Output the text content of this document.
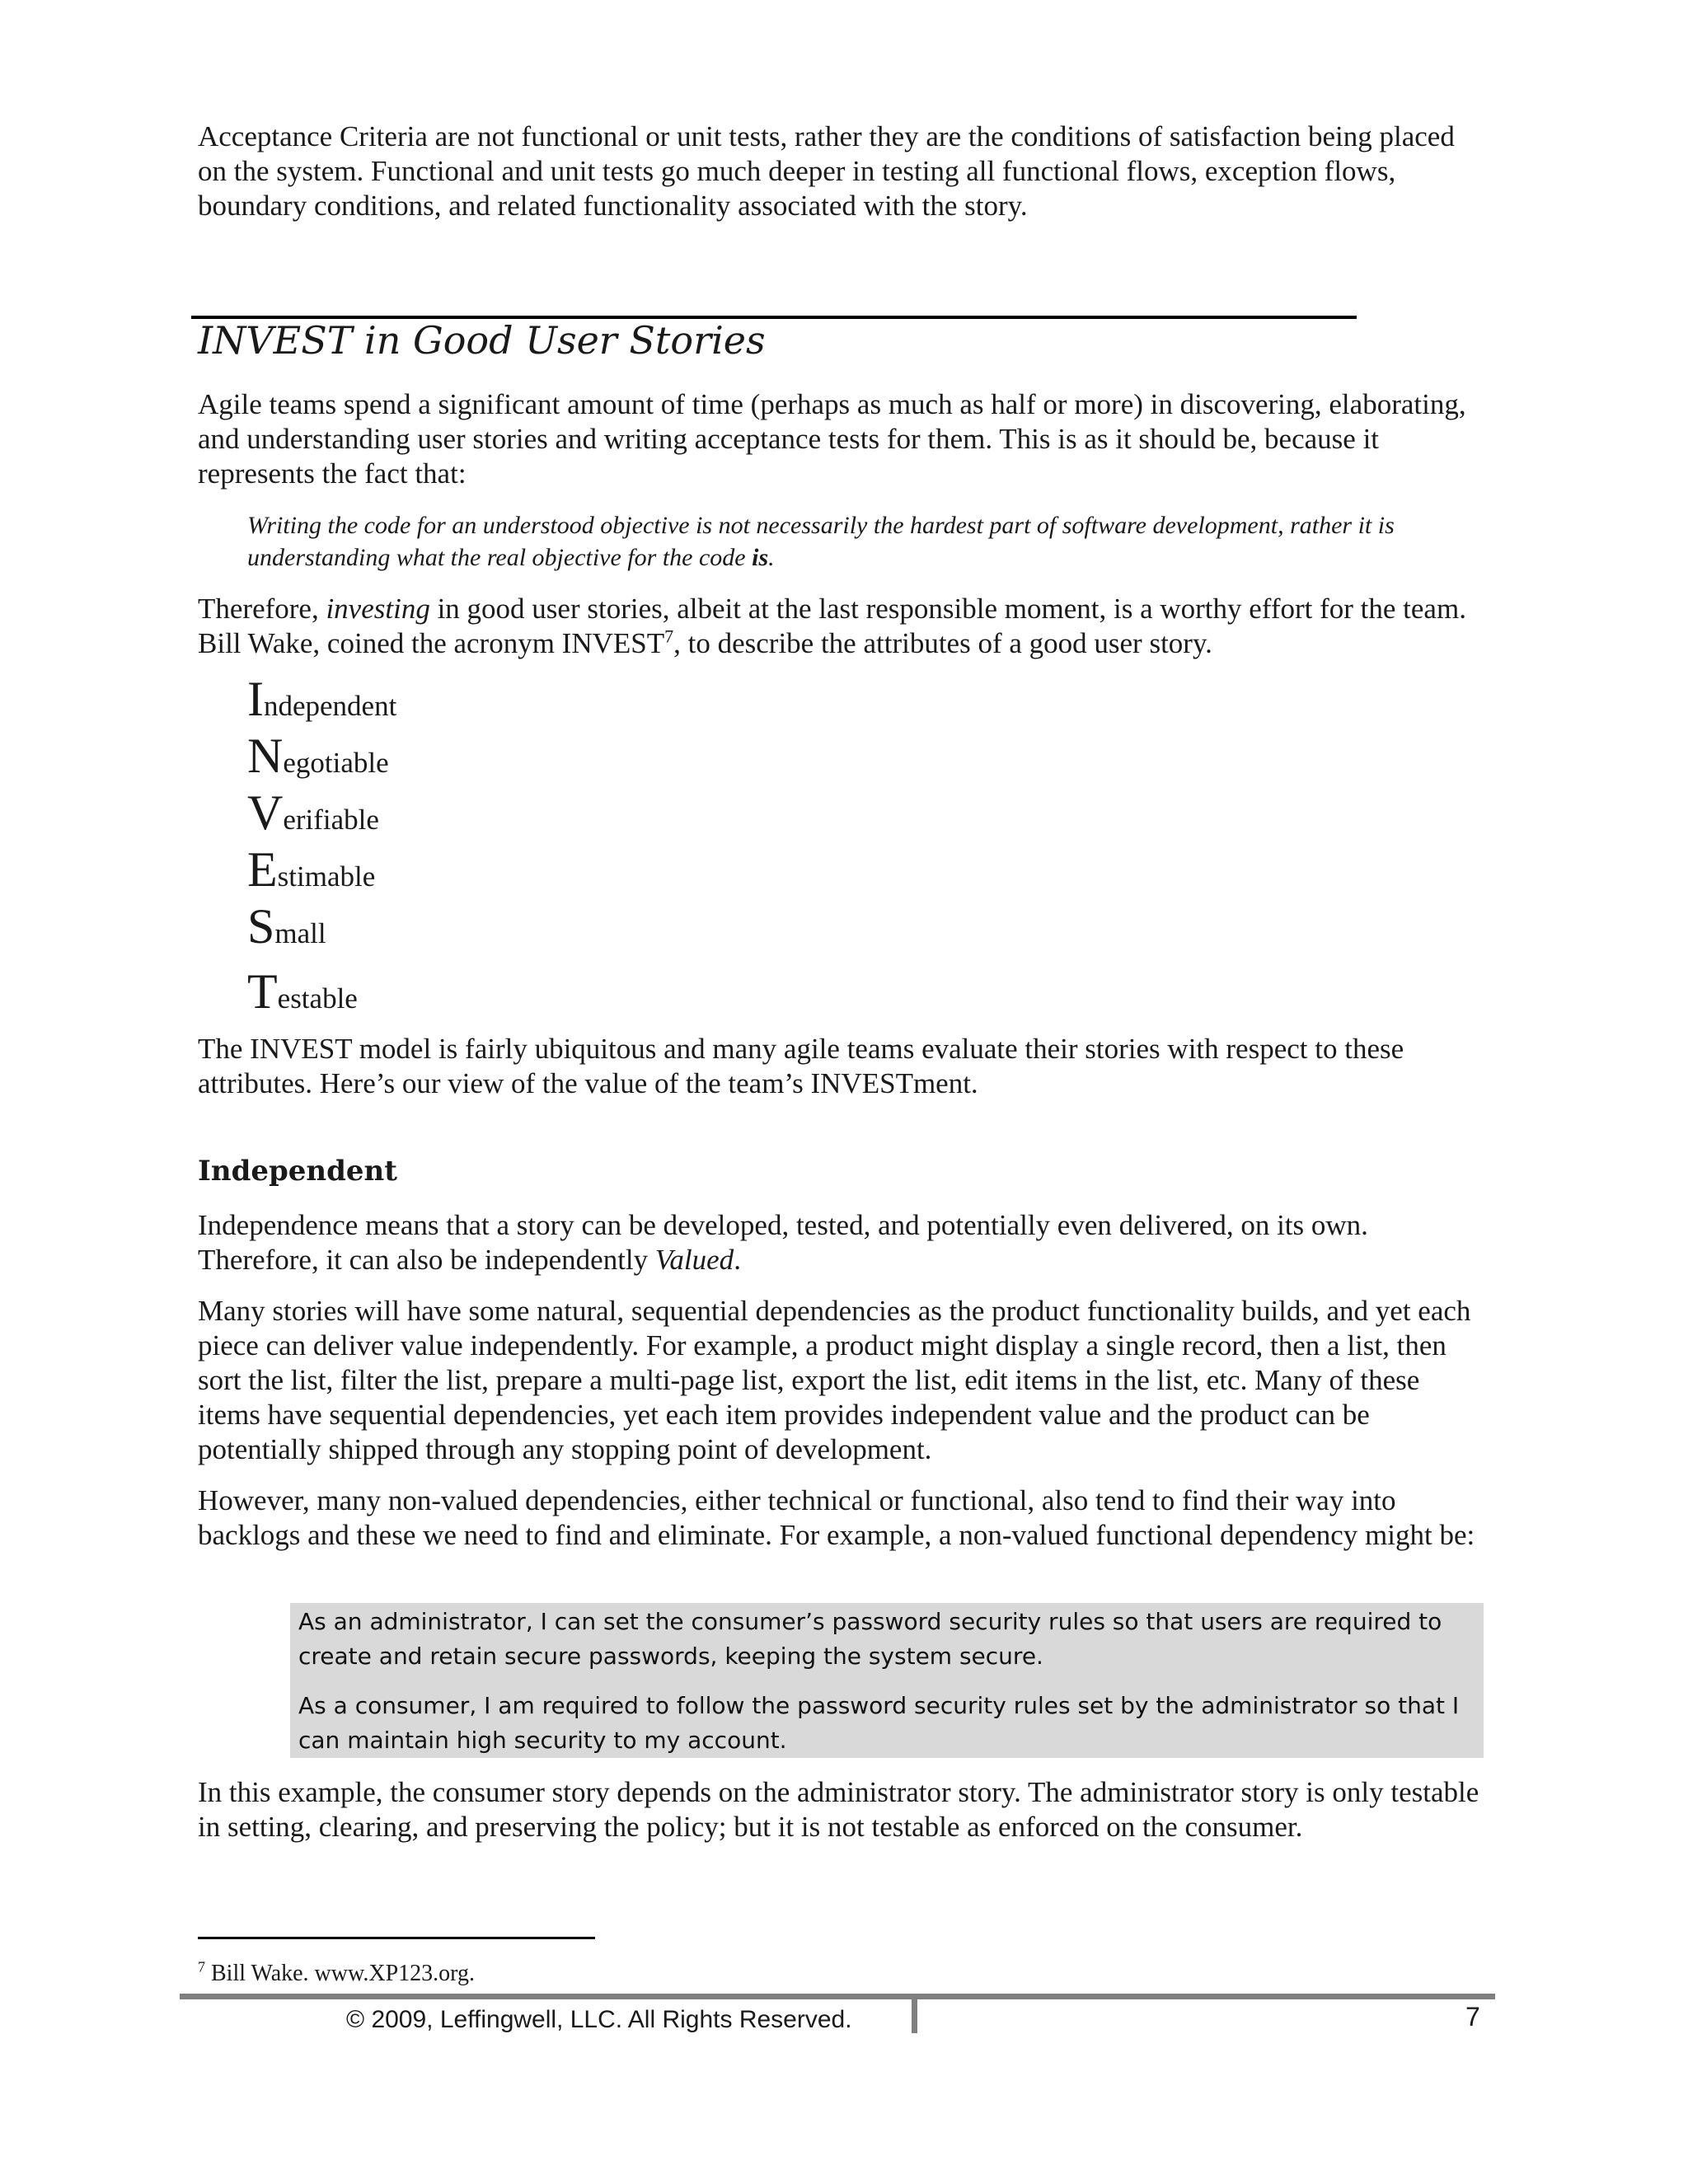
Acceptance Criteria are not functional or unit tests, rather they are the conditions of satisfaction being placed on the system. Functional and unit tests go much deeper in testing all functional flows, exception flows, boundary conditions, and related functionality associated with the story.

INVEST in Good User Stories

Agile teams spend a significant amount of time (perhaps as much as half or more) in discovering, elaborating, and understanding user stories and writing acceptance tests for them. This is as it should be, because it represents the fact that:

Writing the code for an understood objective is not necessarily the hardest part of software development, rather it is understanding what the real objective for the code is.

Therefore, investing in good user stories, albeit at the last responsible moment, is a worthy effort for the team. Bill Wake, coined the acronym INVEST$^7$, to describe the attributes of a good user story.

Independent
Negotiable
Verifiable
Estimable
Small
Testable

The INVEST model is fairly ubiquitous and many agile teams evaluate their stories with respect to these attributes. Here’s our view of the value of the team’s INVESTment.

Independent

Independence means that a story can be developed, tested, and potentially even delivered, on its own. Therefore, it can also be independently Valued.

Many stories will have some natural, sequential dependencies as the product functionality builds, and yet each piece can deliver value independently. For example, a product might display a single record, then a list, then sort the list, filter the list, prepare a multi-page list, export the list, edit items in the list, etc. Many of these items have sequential dependencies, yet each item provides independent value and the product can be potentially shipped through any stopping point of development.

However, many non-valued dependencies, either technical or functional, also tend to find their way into backlogs and these we need to find and eliminate. For example, a non-valued functional dependency might be:

As an administrator, I can set the consumer’s password security rules so that users are required to create and retain secure passwords, keeping the system secure.

As a consumer, I am required to follow the password security rules set by the administrator so that I can maintain high security to my account.

In this example, the consumer story depends on the administrator story. The administrator story is only testable in setting, clearing, and preserving the policy; but it is not testable as enforced on the consumer.

$^7$ Bill Wake. www.XP123.org.

© 2009, Leffingwell, LLC. All Rights Reserved.	7
